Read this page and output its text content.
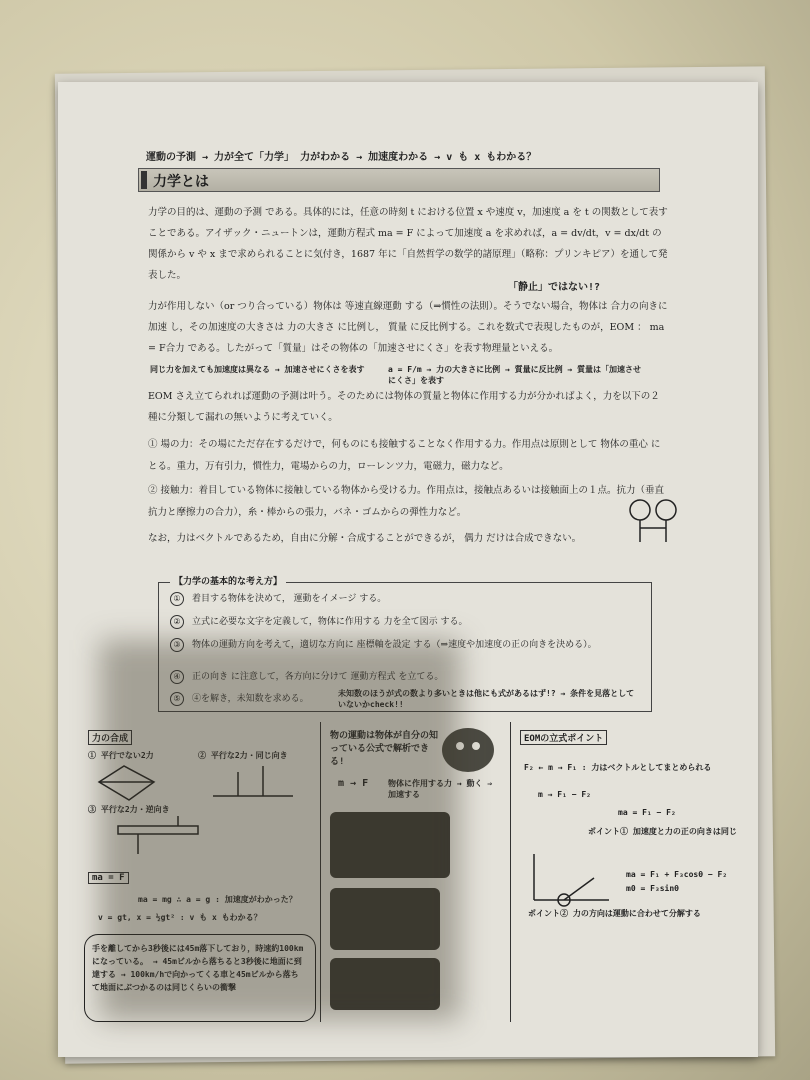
運動の予測 → 力が全て「力学」 力がわかる → 加速度わかる → v も x もわかる？
力学とは
力学の目的は、運動の予測 である。具体的には，任意の時刻 t における位置 x や速度 v，加速度 a を t の関数として表すことである。アイザック・ニュートンは，運動方程式 ma = F によって加速度 a を求めれば，a = dv/dt，v = dx/dt の関係から v や x まで求められることに気付き，1687 年に「自然哲学の数学的諸原理」（略称：プリンキピア）を通して発表した。
「静止」ではない!?
力が作用しない（or つり合っている）物体は 等速直線運動 する（⇒慣性の法則）。そうでない場合，物体は 合力の向きに加速 し，その加速度の大きさは 力の大きさ に比例し， 質量 に反比例する。これを数式で表現したものが，EOM ： ma = F合力 である。したがって「質量」はその物体の「加速させにくさ」を表す物理量といえる。
同じ力を加えても加速度は異なる → 加速させにくさを表す	a = F/m → 力の大きさに比例 → 質量に反比例 → 質量は「加速させにくさ」を表す
EOM さえ立てられれば運動の予測は叶う。そのためには物体の質量と物体に作用する力が分かればよく，力を以下の２種に分類して漏れの無いように考えていく。
① 場の力：その場にただ存在するだけで，何ものにも接触することなく作用する力。作用点は原則として 物体の重心 にとる。重力，万有引力，慣性力，電場からの力，ローレンツ力，電磁力，磁力など。
② 接触力：着目している物体に接触している物体から受ける力。作用点は，接触点あるいは接触面上の１点。抗力（垂直抗力と摩擦力の合力），糸・棒からの張力，バネ・ゴムからの弾性力など。
なお，力はベクトルであるため，自由に分解・合成することができるが， 偶力 だけは合成できない。
【力学の基本的な考え方】
① 着目する物体を決めて， 運動をイメージ する。
② 立式に必要な文字を定義して，物体に作用する 力を全て図示 する。
③ 物体の運動方向を考えて，適切な方向に 座標軸を設定 する（⇒速度や加速度の正の向きを決める）。
④ 正の向き に注意して，各方向に分けて 運動方程式 を立てる。
⑤ ④を解き，未知数を求める。
未知数のほうが式の数より多いときは他にも式があるはず!? → 条件を見落としていないかcheck!!
力の合成
① 平行でない2力	② 平行な2力・同じ向き
③ 平行な2力・逆向き
ma = F
ma = mg ∴ a = g : 加速度がわかった？
v = gt, x = ½gt² : v も x もわかる？
手を離してから3秒後には45m落下しており，時速約100kmになっている。 → 45mビルから落ちると3秒後に地面に到達する → 100km/hで向かってくる車と45mビルから落ちて地面にぶつかるのは同じくらいの衝撃
物の運動は物体が自分の知っている公式で解析できる!
m → F 物体に作用する力 → 動く ⇒ 加速する
EOMの立式ポイント
F₂ ← m → F₁ : 力はベクトルとしてまとめられる
m → F₁ − F₂
ma = F₁ − F₂
ポイント① 加速度と力の正の向きは同じ
ma = F₁ + F₃cosθ − F₂
m0 = F₃sinθ
ポイント② 力の方向は運動に合わせて分解する
